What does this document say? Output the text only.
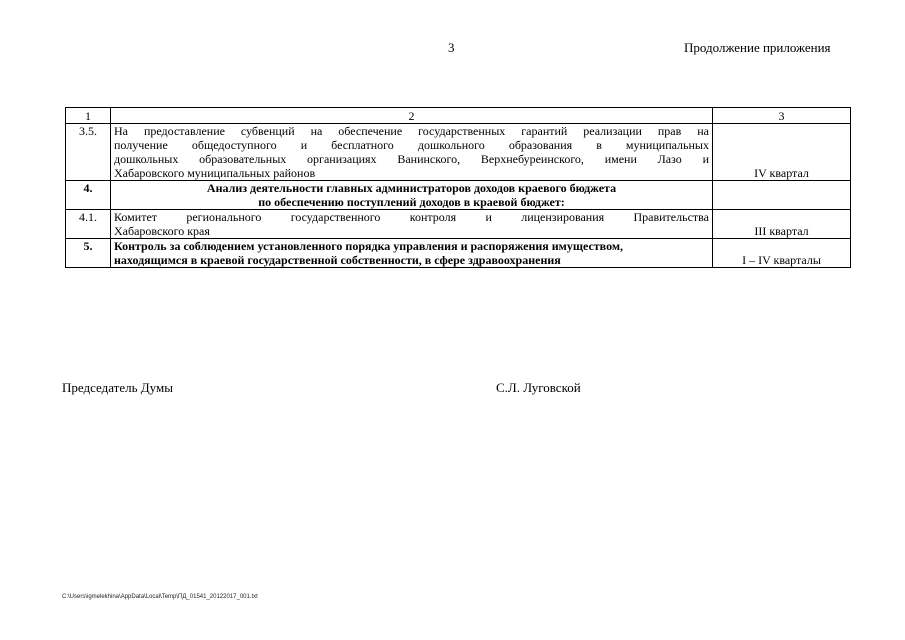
3	Продолжение приложения
1	2	3
3.5.	На предоставление субвенций на обеспечение государственных гарантий реализации прав на
получение общедоступного и бесплатного дошкольного образования в муниципальных
дошкольных образовательных организациях Ванинского, Верхнебуреинского, имени Лазо и
Хабаровского муниципальных районов	IV квартал
4.	Анализ деятельности главных администраторов доходов краевого бюджета
по обеспечению поступлений доходов в краевой бюджет:	

4.1.	Комитет регионального государственного контроля и лицензирования Правительства
Хабаровского края	III квартал
5.	Контроль за соблюдением установленного порядка управления и распоряжения имуществом,
находящимся в краевой государственной собственности, в сфере здравоохранения	I – IV кварталы
Председатель Думы	С.Л. Луговской
C:\Users\igmelekhina\AppData\Local\Temp\ПД_01541_20122017_001.txt
